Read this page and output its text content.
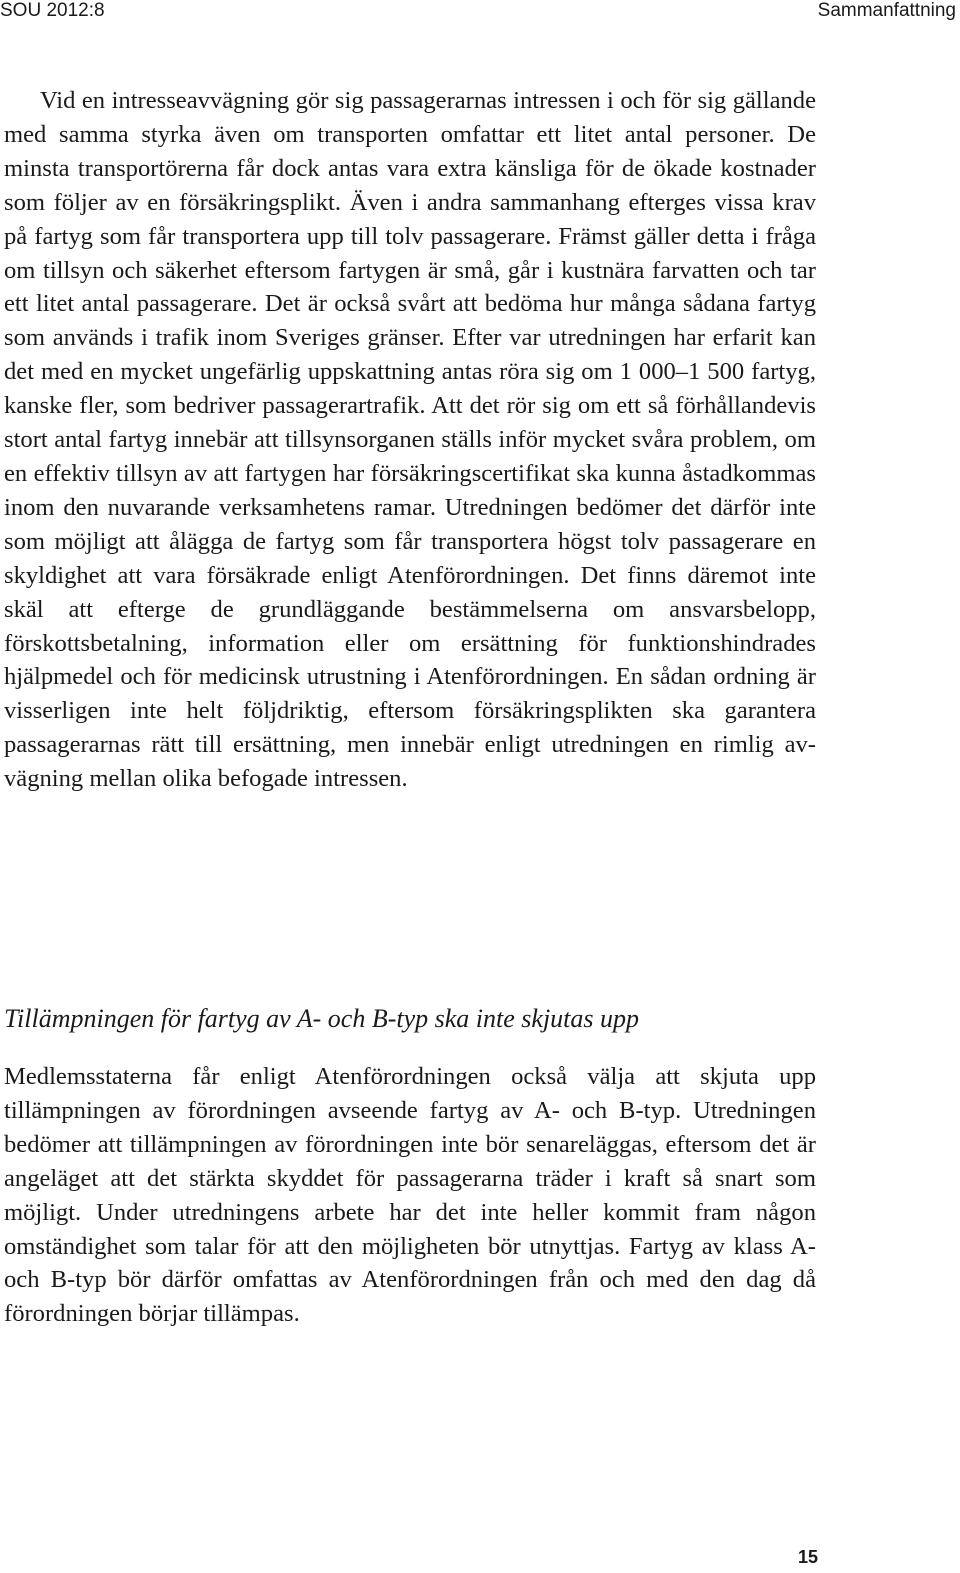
SOU 2012:8	Sammanfattning

Vid en intresseavvägning gör sig passagerarnas intressen i och för sig gällande med samma styrka även om transporten omfattar ett litet antal personer. De minsta transportörerna får dock antas vara extra känsliga för de ökade kostnader som följer av en försäkringsplikt. Även i andra sammanhang efterges vissa krav på fartyg som får transportera upp till tolv passagerare. Främst gäller detta i fråga om tillsyn och säkerhet eftersom fartygen är små, går i kustnära farvatten och tar ett litet antal passagerare. Det är också svårt att bedöma hur många sådana fartyg som används i trafik inom Sveriges gränser. Efter var utredningen har erfarit kan det med en mycket ungefärlig uppskattning antas röra sig om 1 000–1 500 fartyg, kanske fler, som bedriver passagerartrafik. Att det rör sig om ett så förhållandevis stort antal fartyg innebär att tillsynsorganen ställs inför mycket svåra problem, om en effektiv tillsyn av att fartygen har försäkringscertifikat ska kunna åstadkommas inom den nuvarande verksamhetens ramar. Utredningen bedömer det därför inte som möjligt att ålägga de fartyg som får transportera högst tolv passagerare en skyldighet att vara försäkrade enligt Atenförordningen. Det finns däremot inte skäl att efterge de grundläggande bestämmelserna om ansvarsbelopp, förskottsbetalning, information eller om ersättning för funktionshindrades hjälpmedel och för medicinsk utrustning i Atenförordningen. En sådan ordning är visserligen inte helt följdriktig, eftersom försäkringsplikten ska garantera passagerarnas rätt till ersättning, men innebär enligt utredningen en rimlig avvägning mellan olika befogade intressen.

Tillämpningen för fartyg av A- och B-typ ska inte skjutas upp

Medlemsstaterna får enligt Atenförordningen också välja att skjuta upp tillämpningen av förordningen avseende fartyg av A- och B-typ. Utredningen bedömer att tillämpningen av förordningen inte bör senareläggas, eftersom det är angeläget att det stärkta skyddet för passagerarna träder i kraft så snart som möjligt. Under utredningens arbete har det inte heller kommit fram någon omständighet som talar för att den möjligheten bör utnyttjas. Fartyg av klass A- och B-typ bör därför omfattas av Atenförordningen från och med den dag då förordningen börjar tillämpas.

15
